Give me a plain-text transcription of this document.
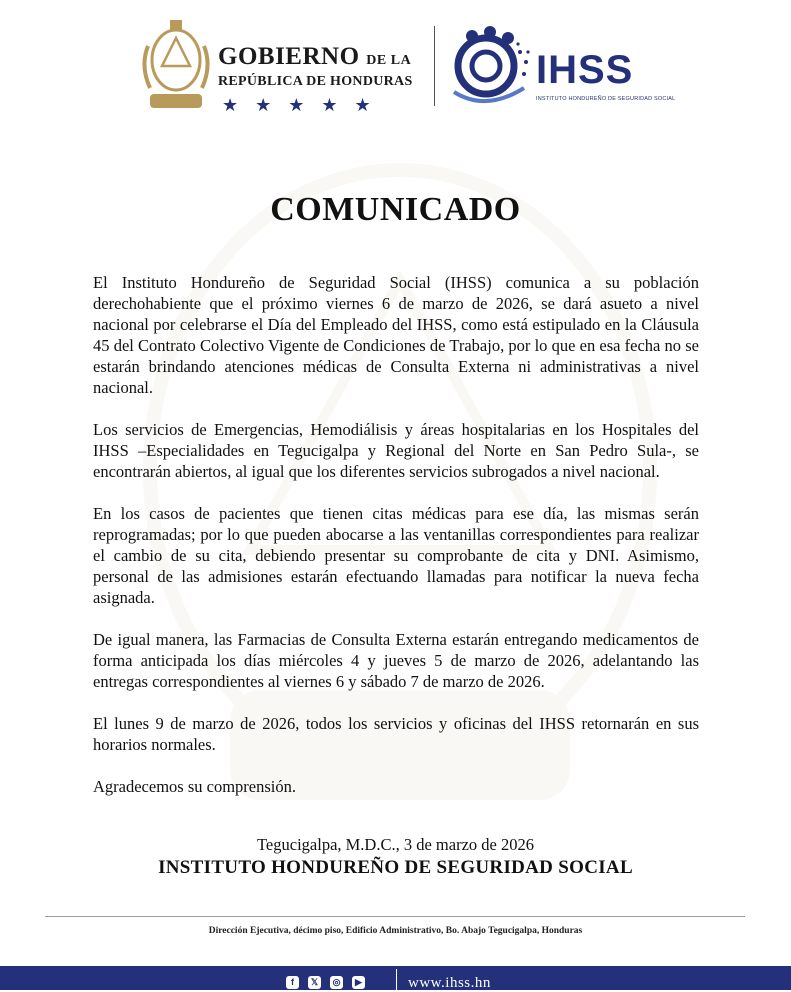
GOBIERNO DE LA
REPÚBLICA DE HONDURAS
★★★★★
IHSS
INSTITUTO HONDUREÑO DE SEGURIDAD SOCIAL
COMUNICADO

El Instituto Hondureño de Seguridad Social (IHSS) comunica a su población derechohabiente que el próximo viernes 6 de marzo de 2026, se dará asueto a nivel nacional por celebrarse el Día del Empleado del IHSS, como está estipulado en la Cláusula 45 del Contrato Colectivo Vigente de Condiciones de Trabajo, por lo que en esa fecha no se estarán brindando atenciones médicas de Consulta Externa ni administrativas a nivel nacional.

Los servicios de Emergencias, Hemodiálisis y áreas hospitalarias en los Hospitales del IHSS –Especialidades en Tegucigalpa y Regional del Norte en San Pedro Sula-, se encontrarán abiertos, al igual que los diferentes servicios subrogados a nivel nacional.

En los casos de pacientes que tienen citas médicas para ese día, las mismas serán reprogramadas; por lo que pueden abocarse a las ventanillas correspondientes para realizar el cambio de su cita, debiendo presentar su comprobante de cita y DNI. Asimismo, personal de las admisiones estarán efectuando llamadas para notificar la nueva fecha asignada.

De igual manera, las Farmacias de Consulta Externa estarán entregando medicamentos de forma anticipada los días miércoles 4 y jueves 5 de marzo de 2026, adelantando las entregas correspondientes al viernes 6 y sábado 7 de marzo de 2026.

El lunes 9 de marzo de 2026, todos los servicios y oficinas del IHSS retornarán en sus horarios normales.

Agradecemos su comprensión.

Tegucigalpa, M.D.C., 3 de marzo de 2026
INSTITUTO HONDUREÑO DE SEGURIDAD SOCIAL
Dirección Ejecutiva, décimo piso, Edificio Administrativo, Bo. Abajo Tegucigalpa, Honduras
f	𝕏	◎	▶	www.ihss.hn
